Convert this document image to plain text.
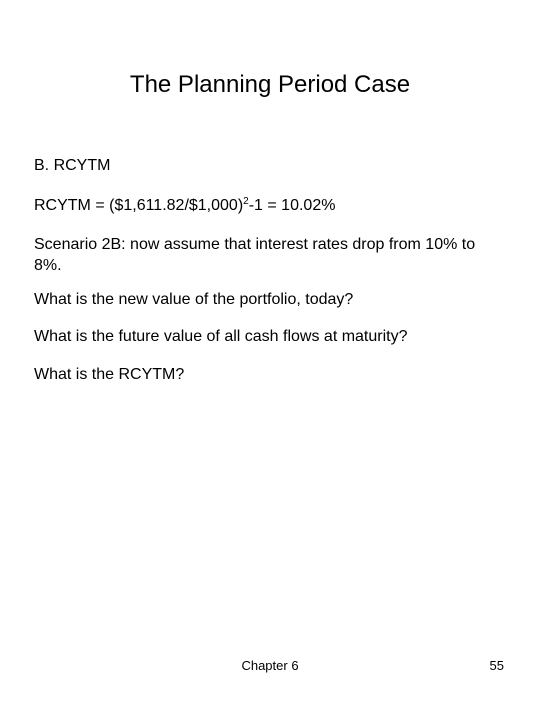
The Planning Period Case
B. RCYTM
RCYTM = ($1,611.82/$1,000)$^2$-1 = 10.02%
Scenario 2B: now assume that interest rates drop from 10% to 8%.
What is the new value of the portfolio, today?
What is the future value of all cash flows at maturity?
What is the RCYTM?
Chapter 6	55
